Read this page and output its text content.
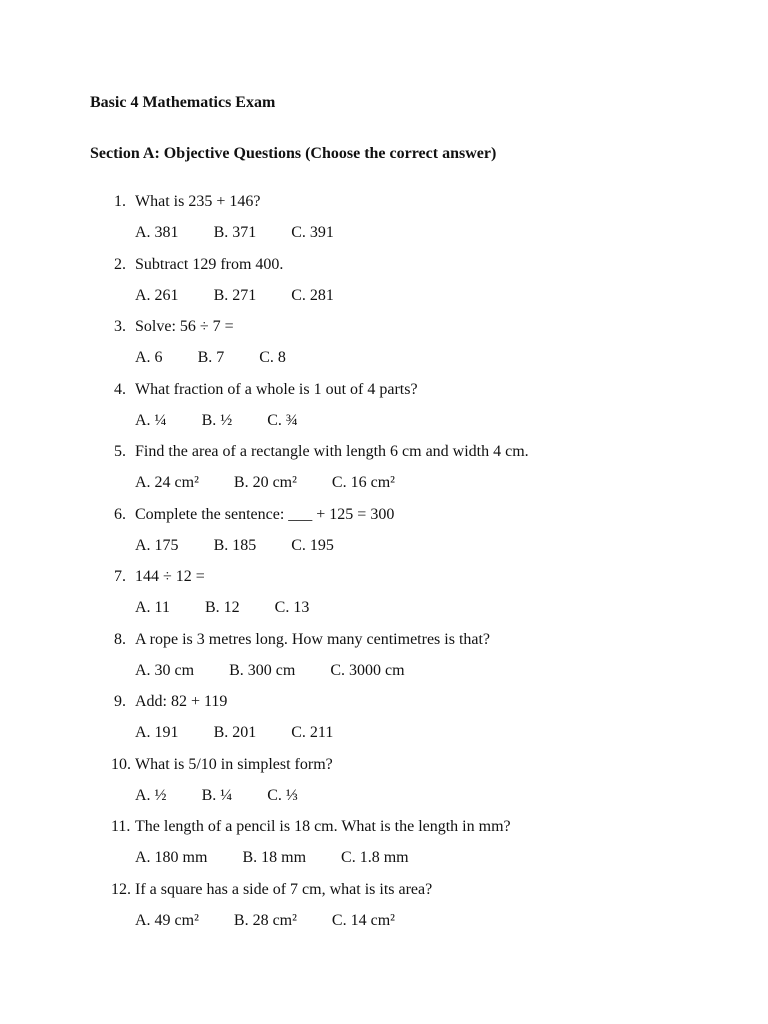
Basic 4 Mathematics Exam
Section A: Objective Questions (Choose the correct answer)
1. What is 235 + 146?
A. 381 B. 371 C. 391
2. Subtract 129 from 400.
A. 261 B. 271 C. 281
3. Solve: 56 ÷ 7 =
A. 6 B. 7 C. 8
4. What fraction of a whole is 1 out of 4 parts?
A. ¼ B. ½ C. ¾
5. Find the area of a rectangle with length 6 cm and width 4 cm.
A. 24 cm² B. 20 cm² C. 16 cm²
6. Complete the sentence: ___ + 125 = 300
A. 175 B. 185 C. 195
7. 144 ÷ 12 =
A. 11 B. 12 C. 13
8. A rope is 3 metres long. How many centimetres is that?
A. 30 cm B. 300 cm C. 3000 cm
9. Add: 82 + 119
A. 191 B. 201 C. 211
10. What is 5/10 in simplest form?
A. ½ B. ¼ C. ⅓
11. The length of a pencil is 18 cm. What is the length in mm?
A. 180 mm B. 18 mm C. 1.8 mm
12. If a square has a side of 7 cm, what is its area?
A. 49 cm² B. 28 cm² C. 14 cm²
